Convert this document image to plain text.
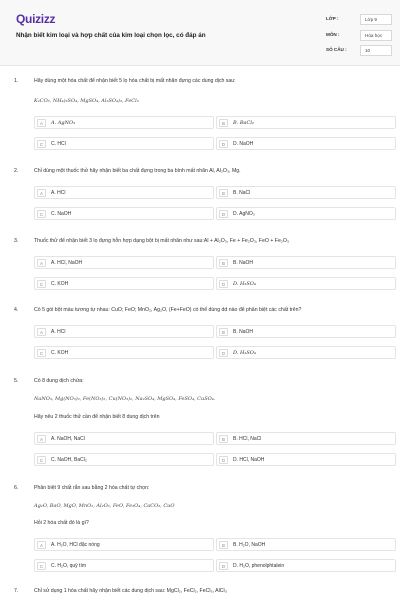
Quizizz
Nhận biết kim loại và hợp chất của kim loại chọn lọc, có đáp án
LỚP :	Lớp 9
MÔN :	Hóa học
SỐ CÂU :	10
1.	Hãy dùng một hóa chất để nhận biết 5 lọ hóa chất bị mất nhãn đựng các dung dịch sau:
K₂CO₃, NH₄)₂SO₄, MgSO₄, Al₂SO₄)₃, FeCl₃
A	A. AgNO₃	B	B. BaCl₂
C	C. HCl	D	D. NaOH
2.	Chỉ dùng một thuốc thử hãy nhận biết ba chất đựng trong ba bình mất nhãn Al, Al₂O₃, Mg.
A	A. HCl	B	B. NaCl
C	C. NaOH	D	D. AgNO₃
3.	Thuốc thử để nhận biết 3 lọ đựng hỗn hợp dạng bột bị mất nhãn như sau:Al + Al₂O₃, Fe + Fe₂O₃, FeO + Fe₂O₃
A	A. HCl, NaOH	B	B. NaOH
C	C. KOH	D	D. H₂SO₄
4.	Có 5 gói bột màu tương tự nhau: CuO; FeO; MnO₂, Ag₂O, (Fe+FeO) có thể dùng dd nào để phân biệt các chất trên?
A	A. HCl	B	B. NaOH
C	C. KOH	D	D. H₂SO₄
5.	Có 8 dung dịch chứa:
NaNO₃, Mg(NO₃)₂, Fe(NO₃)₂, Cu(NO₃)₂, Na₂SO₄, MgSO₄, FeSO₄, CuSO₄.
Hãy nêu 2 thuốc thử cần để nhận biết 8 dung dịch trên
A	A. NaOH, NaCl	B	B. HCl, NaCl
C	C. NaOH, BaCl₂	D	D. HCl, NaOH
6.	Phân biệt 9 chất rắn sau bằng 2 hóa chất tự chọn:
Ag₂O, BaO, MgO, MnO₂, Al₂O₃, FeO, Fe₃O₄, CaCO₃, CuO
Hỏi 2 hóa chất đó là gì?
A	A. H₂O, HCl đặc nóng	B	B. H₂O, NaOH
C	C. H₂O, quỳ tím	D	D. H₂O, phenolphtalein
7.	Chỉ sử dụng 1 hóa chất hãy nhận biết các dung dịch sau: MgCl₂, FeCl₂, FeCl₃, AlCl₃
